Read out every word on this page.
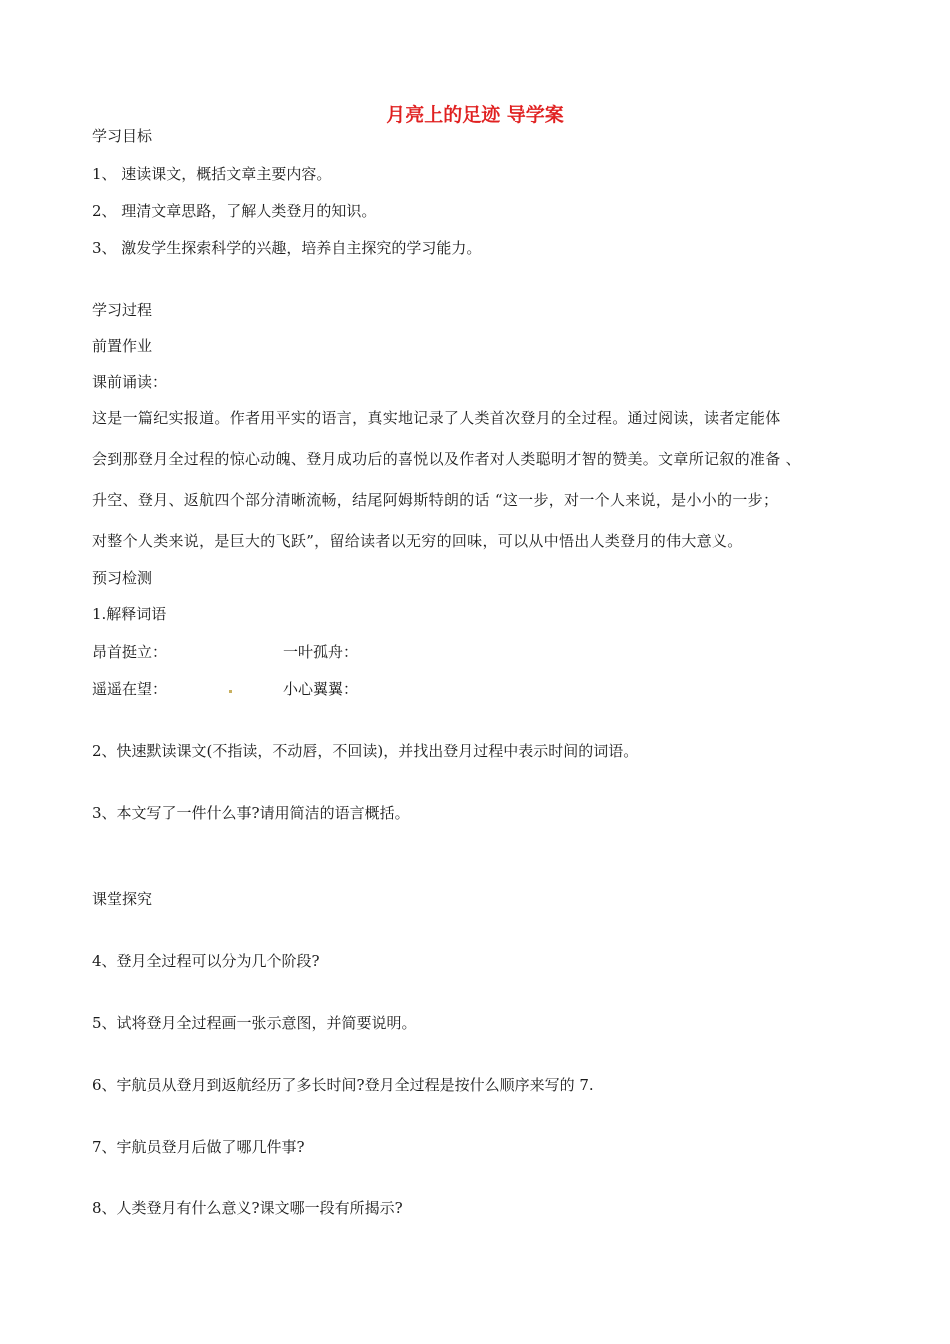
月亮上的足迹 导学案
学习目标
1、 速读课文，概括文章主要内容。
2、 理清文章思路，了解人类登月的知识。
3、 激发学生探索科学的兴趣，培养自主探究的学习能力。
学习过程
前置作业
课前诵读：
这是一篇纪实报道。作者用平实的语言，真实地记录了人类首次登月的全过程。通过阅读，读者定能体
会到那登月全过程的惊心动魄、登月成功后的喜悦以及作者对人类聪明才智的赞美。文章所记叙的准备 、
升空、登月、返航四个部分清晰流畅，结尾阿姆斯特朗的话 “这一步，对一个人来说，是小小的一步；
对整个人类来说，是巨大的飞跃”，留给读者以无穷的回味，可以从中悟出人类登月的伟大意义。
预习检测
1.解释词语
昂首挺立：	一叶孤舟：
遥遥在望：	小心翼翼：
2、快速默读课文(不指读，不动唇，不回读)，并找出登月过程中表示时间的词语。
3、本文写了一件什么事?请用简洁的语言概括。
课堂探究
4、登月全过程可以分为几个阶段?
5、试将登月全过程画一张示意图，并简要说明。
6、宇航员从登月到返航经历了多长时间?登月全过程是按什么顺序来写的 7.
7、宇航员登月后做了哪几件事?
8、人类登月有什么意义?课文哪一段有所揭示?
